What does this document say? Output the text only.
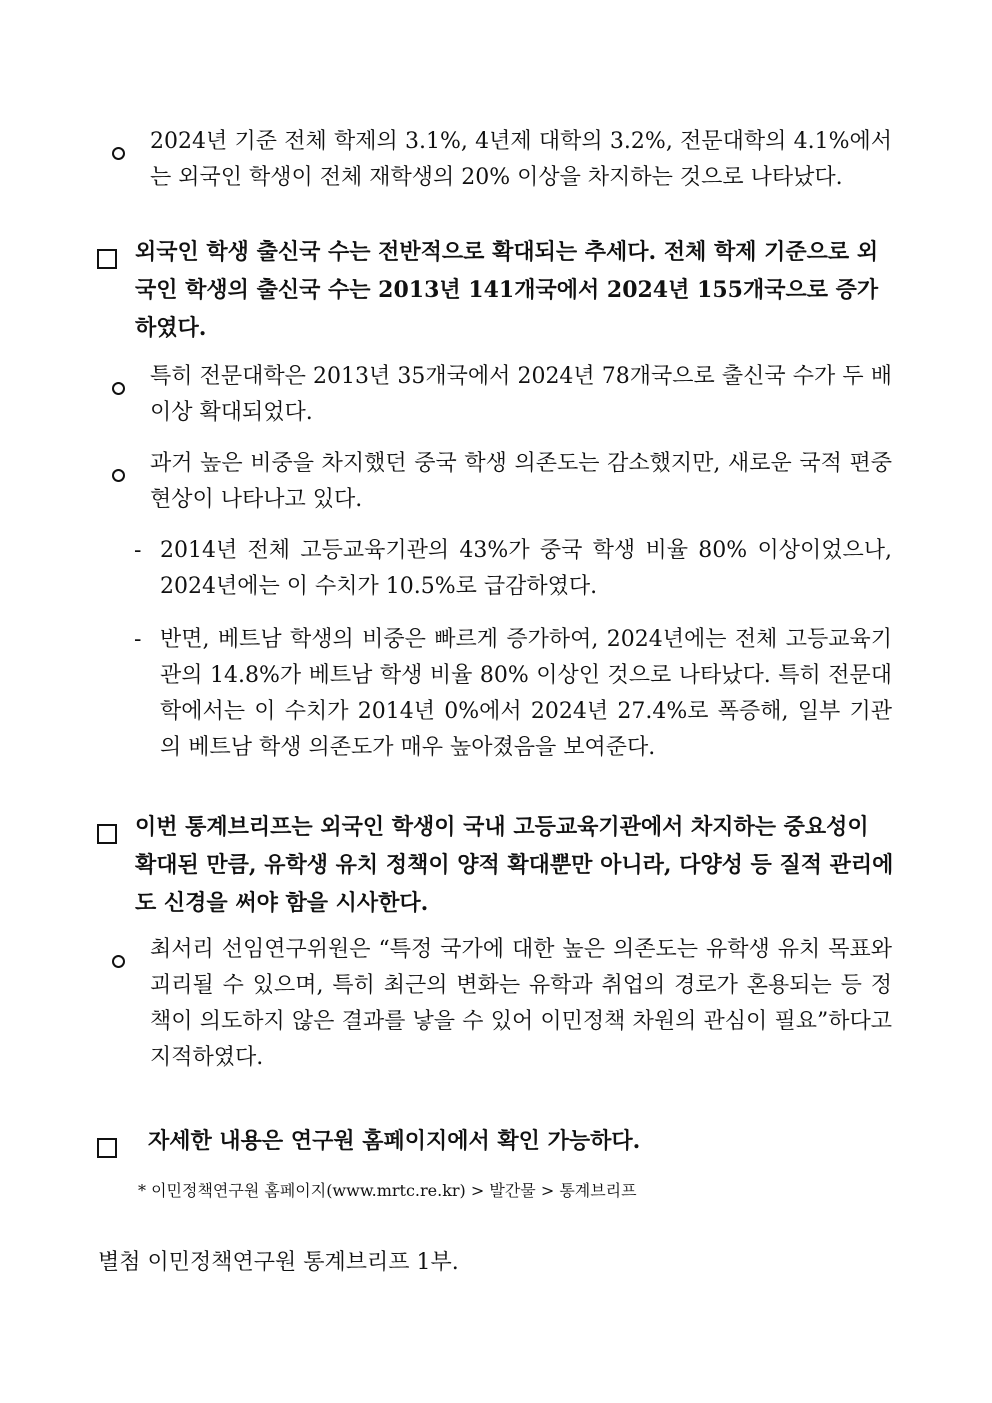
2024년 기준 전체 학제의 3.1%, 4년제 대학의 3.2%, 전문대학의 4.1%에서는 외국인 학생이 전체 재학생의 20% 이상을 차지하는 것으로 나타났다.
외국인 학생 출신국 수는 전반적으로 확대되는 추세다. 전체 학제 기준으로 외국인 학생의 출신국 수는 2013년 141개국에서 2024년 155개국으로 증가하였다.
특히 전문대학은 2013년 35개국에서 2024년 78개국으로 출신국 수가 두 배 이상 확대되었다.
과거 높은 비중을 차지했던 중국 학생 의존도는 감소했지만, 새로운 국적 편중 현상이 나타나고 있다.
- 2014년 전체 고등교육기관의 43%가 중국 학생 비율 80% 이상이었으나, 2024년에는 이 수치가 10.5%로 급감하였다.
- 반면, 베트남 학생의 비중은 빠르게 증가하여, 2024년에는 전체 고등교육기관의 14.8%가 베트남 학생 비율 80% 이상인 것으로 나타났다. 특히 전문대학에서는 이 수치가 2014년 0%에서 2024년 27.4%로 폭증해, 일부 기관의 베트남 학생 의존도가 매우 높아졌음을 보여준다.
이번 통계브리프는 외국인 학생이 국내 고등교육기관에서 차지하는 중요성이 확대된 만큼, 유학생 유치 정책이 양적 확대뿐만 아니라, 다양성 등 질적 관리에도 신경을 써야 함을 시사한다.
최서리 선임연구위원은 “특정 국가에 대한 높은 의존도는 유학생 유치 목표와 괴리될 수 있으며, 특히 최근의 변화는 유학과 취업의 경로가 혼용되는 등 정책이 의도하지 않은 결과를 낳을 수 있어 이민정책 차원의 관심이 필요”하다고 지적하였다.
자세한 내용은 연구원 홈페이지에서 확인 가능하다.
* 이민정책연구원 홈페이지(www.mrtc.re.kr) > 발간물 > 통계브리프
별첨 이민정책연구원 통계브리프 1부.
